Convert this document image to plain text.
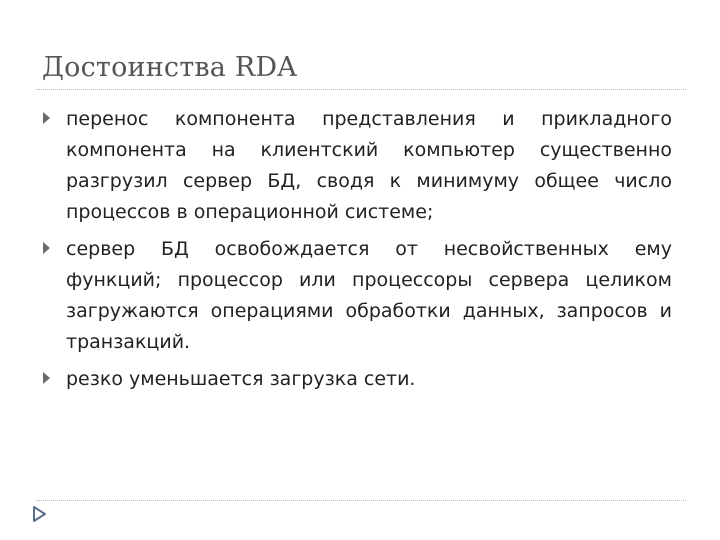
Достоинства RDA
перенос компонента представления и прикладного компонента на клиентский компьютер существенно разгрузил сервер БД, сводя к минимуму общее число процессов в операционной системе;
сервер БД освобождается от несвойственных ему функций; процессор или процессоры сервера целиком загружаются операциями обработки данных, запросов и транзакций.
резко уменьшается загрузка сети.
